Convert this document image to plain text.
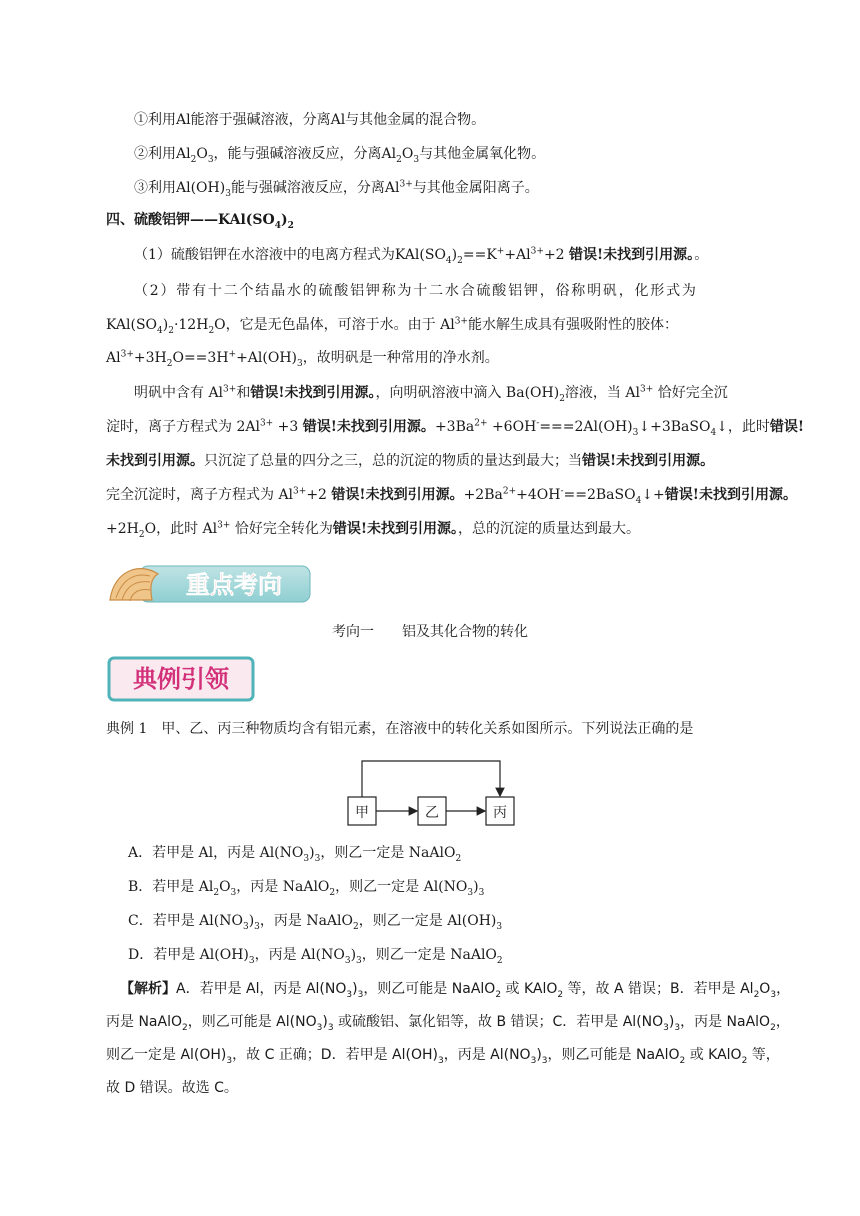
①利用Al能溶于强碱溶液，分离Al与其他金属的混合物。
②利用$Al_2O_3$，能与强碱溶液反应，分离$Al_2O_3$与其他金属氧化物。
③利用$Al(OH)_3$能与强碱溶液反应，分离$Al^{3+}$与其他金属阳离子。
四、硫酸铝钾$——KAl(SO_4)_2$
（1）硫酸铝钾在水溶液中的电离方程式为$KAl(SO_4)_2==K^++Al^{3+}+2$ 错误!未找到引用源。。
（2）带有十二个结晶水的硫酸铝钾称为十二水合硫酸铝钾，俗称明矾，化形式为
$KAl(SO_4)_2\cdot 12H_2O$，它是无色晶体，可溶于水。由于 $Al^{3+}$能水解生成具有强吸附性的胶体：
$Al^{3+}+3H_2O==3H^++Al(OH)_3$，故明矾是一种常用的净水剂。
明矾中含有 $Al^{3+}$和错误!未找到引用源。，向明矾溶液中滴入 $Ba(OH)_2$溶液，当 $Al^{3+}$ 恰好完全沉
淀时，离子方程式为 $2Al^{3+} +3$ 错误!未找到引用源。$+3Ba^{2+}$ $+6OH^-===2Al(OH)_3↓+3BaSO_4↓$，此时错误!
未找到引用源。只沉淀了总量的四分之三，总的沉淀的物质的量达到最大；当错误!未找到引用源。
完全沉淀时，离子方程式为 $Al^{3+}+2$ 错误!未找到引用源。$+2Ba^{2+}+4OH^-==2BaSO_4↓+$错误!未找到引用源。
$+2H_2O$，此时 $Al^{3+}$ 恰好完全转化为错误!未找到引用源。，总的沉淀的质量达到最大。
重点考向
考向一　　铝及其化合物的转化
典例引领
典例 1　甲、乙、丙三种物质均含有铝元素，在溶液中的转化关系如图所示。下列说法正确的是
甲	乙	丙
A．若甲是 Al，丙是 $Al(NO_3)_3$，则乙一定是 NaAlO$_2$
B．若甲是 $Al_2O_3$，丙是 NaAlO$_2$，则乙一定是 $Al(NO_3)_3$
C．若甲是 $Al(NO_3)_3$，丙是 NaAlO$_2$，则乙一定是 $Al(OH)_3$
D．若甲是 $Al(OH)_3$，丙是 $Al(NO_3)_3$，则乙一定是 NaAlO$_2$
【解析】A．若甲是 Al，丙是 $Al(NO_3)_3$，则乙可能是 NaAlO$_2$ 或 KAlO$_2$ 等，故 A 错误；B．若甲是 $Al_2O_3$，
丙是 NaAlO$_2$，则乙可能是 $Al(NO_3)_3$ 或硫酸铝、氯化铝等，故 B 错误；C．若甲是 $Al(NO_3)_3$，丙是 NaAlO$_2$，
则乙一定是 $Al(OH)_3$，故 C 正确；D．若甲是 $Al(OH)_3$，丙是 $Al(NO_3)_3$，则乙可能是 NaAlO$_2$ 或 KAlO$_2$ 等，
故 D 错误。故选 C。
